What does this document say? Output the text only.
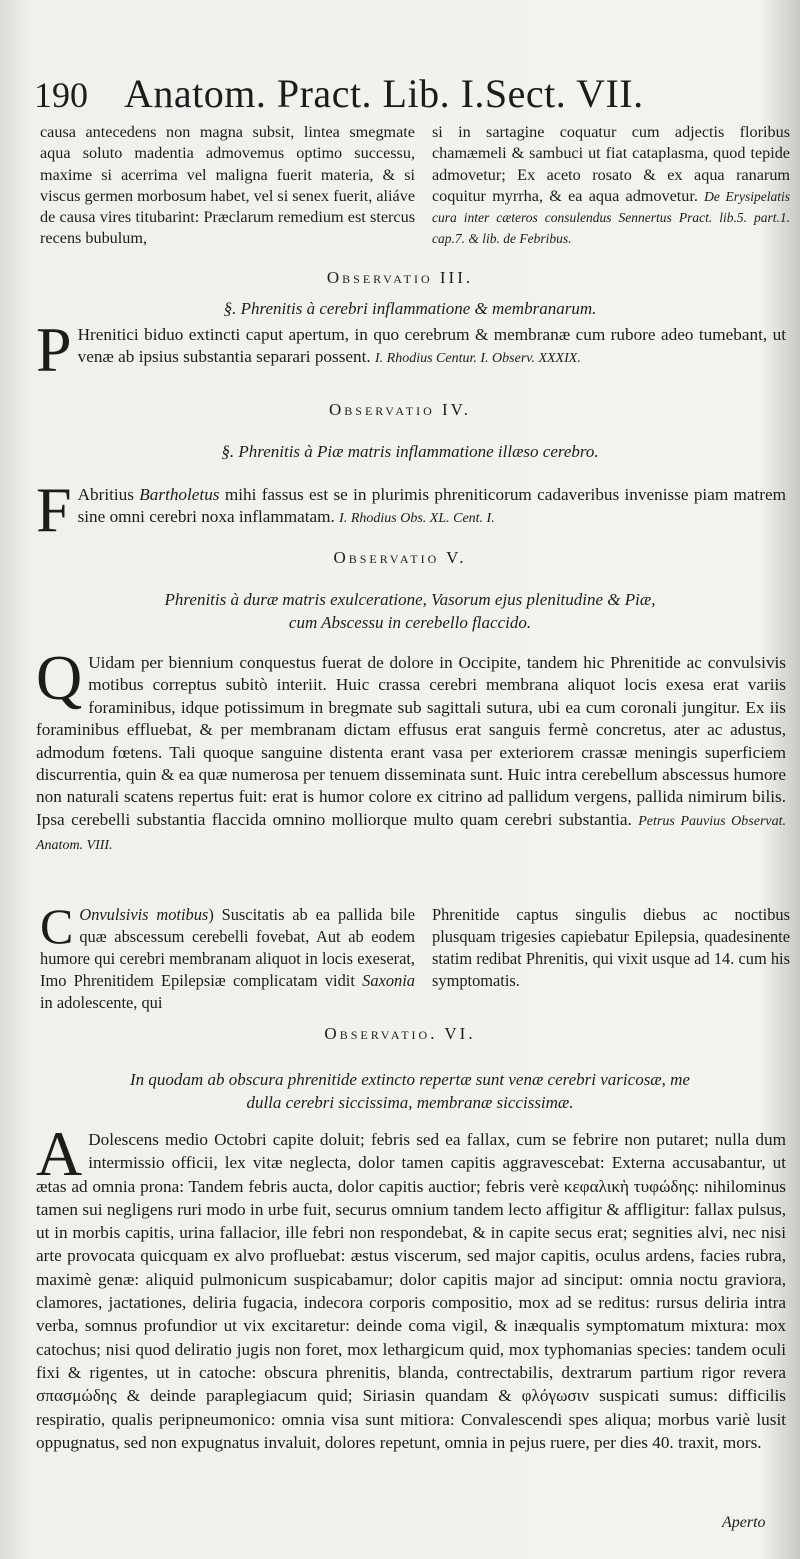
190 Anatom. Pract. Lib. I.Sect. VII.

causa antecedens non magna subsit, lintea smegmate aqua soluto madentia admovemus optimo successu, maxime si acerrima vel maligna fuerit materia, & si viscus germen morbosum habet, vel si senex fuerit, aliáve de causa vires titubarint: Præclarum remedium est stercus recens bubulum,

si in sartagine coquatur cum adjectis floribus chamæmeli & sambuci ut fiat cataplasma, quod tepide admovetur; Ex aceto rosato & ex aqua ranarum coquitur myrrha, & ea aqua admovetur. De Erysipelatis cura inter cæteros consulendus Sennertus Pract. lib.5. part.1. cap.7. & lib. de Febribus.

Observatio III.
§. Phrenitis à cerebri inflammatione & membranarum.
P Hrenitici biduo extincti caput apertum, in quo cerebrum & membranæ cum rubore adeo tumebant, ut venæ ab ipsius substantia separari possent. I. Rhodius Centur. I. Observ. XXXIX.
Observatio IV.
§. Phrenitis à Piæ matris inflammatione illæso cerebro.
F Abritius Bartholetus mihi fassus est se in plurimis phreniticorum cadaveribus invenisse piam matrem sine omni cerebri noxa inflammatam. I. Rhodius Obs. XL. Cent. I.
Observatio V.
Phrenitis à duræ matris exulceratione, Vasorum ejus plenitudine & Piæ,
cum Abscessu in cerebello flaccido.
Q Uidam per biennium conquestus fuerat de dolore in Occipite, tandem hic Phrenitide ac convulsivis motibus correptus subitò interiit. Huic crassa cerebri membrana aliquot locis exesa erat variis foraminibus, idque potissimum in bregmate sub sagittali sutura, ubi ea cum coronali jungitur. Ex iis foraminibus effluebat, & per membranam dictam effusus erat sanguis fermè concretus, ater ac adustus, admodum fœtens. Tali quoque sanguine distenta erant vasa per exteriorem crassæ meningis superficiem discurrentia, quin & ea quæ numerosa per tenuem disseminata sunt. Huic intra cerebellum abscessus humore non naturali scatens repertus fuit: erat is humor colore ex citrino ad pallidum vergens, pallida nimirum bilis. Ipsa cerebelli substantia flaccida omnino molliorque multo quam cerebri substantia. Petrus Pauvius Observat. Anatom. VIII.

C Onvulsivis motibus) Suscitatis ab ea pallida bile quæ abscessum cerebelli fovebat, Aut ab eodem humore qui cerebri membranam aliquot in locis exeserat, Imo Phrenitidem Epilepsiæ complicatam vidit Saxonia in adolescente, qui

Phrenitide captus singulis diebus ac noctibus plusquam trigesies capiebatur Epilepsia, quadesinente statim redibat Phrenitis, qui vixit usque ad 14. cum his symptomatis.

Observatio. VI.
In quodam ab obscura phrenitide extincto repertæ sunt venæ cerebri varicosæ, me
dulla cerebri siccissima, membranæ siccissimæ.
A Dolescens medio Octobri capite doluit; febris sed ea fallax, cum se febrire non putaret; nulla dum intermissio officii, lex vitæ neglecta, dolor tamen capitis aggravescebat: Externa accusabantur, ut ætas ad omnia prona: Tandem febris aucta, dolor capitis auctior; febris verè κεφαλικὴ τυφώδης: nihilominus tamen sui negligens ruri modo in urbe fuit, securus omnium tandem lecto affigitur & affligitur: fallax pulsus, ut in morbis capitis, urina fallacior, ille febri non respondebat, & in capite secus erat; segnities alvi, nec nisi arte provocata quicquam ex alvo profluebat: æstus viscerum, sed major capitis, oculus ardens, facies rubra, maximè genæ: aliquid pulmonicum suspicabamur; dolor capitis major ad sinciput: omnia noctu graviora, clamores, jactationes, deliria fugacia, indecora corporis compositio, mox ad se reditus: rursus deliria intra verba, somnus profundior ut vix excitaretur: deinde coma vigil, & inæqualis symptomatum mixtura: mox catochus; nisi quod deliratio jugis non foret, mox lethargicum quid, mox typhomanias species: tandem oculi fixi & rigentes, ut in catoche: obscura phrenitis, blanda, contrectabilis, dextrarum partium rigor revera σπασμώδης & deinde paraplegiacum quid; Siriasin quandam & φλόγωσιν suspicati sumus: difficilis respiratio, qualis peripneumonico: omnia visa sunt mitiora: Convalescendi spes aliqua; morbus variè lusit oppugnatus, sed non expugnatus invaluit, dolores repetunt, omnia in pejus ruere, per dies 40. traxit, mors.
Aperto
